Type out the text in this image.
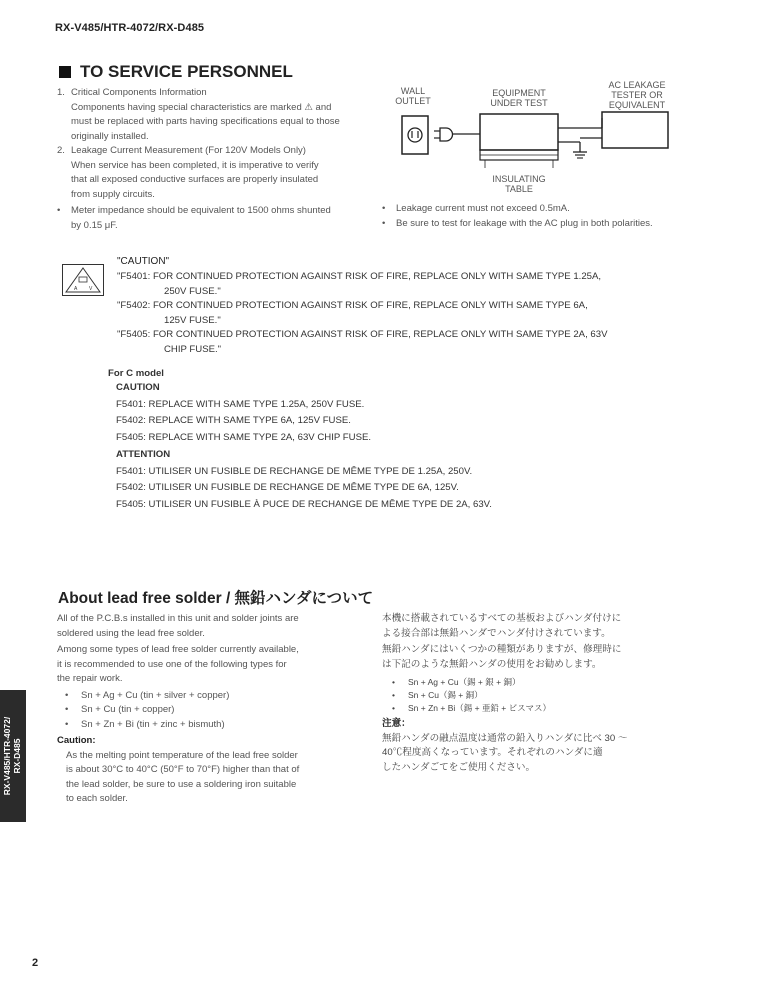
RX-V485/HTR-4072/RX-D485
TO SERVICE PERSONNEL
1. Critical Components Information
Components having special characteristics are marked ⚠ and
must be replaced with parts having specifications equal to those
originally installed.
2. Leakage Current Measurement (For 120V Models Only)
When service has been completed, it is imperative to verify
that all exposed conductive surfaces are properly insulated
from supply circuits.
• Meter impedance should be equivalent to 1500 ohms shunted
by 0.15 μF.
WALL
OUTLET
EQUIPMENT
UNDER TEST
AC LEAKAGE
TESTER OR
EQUIVALENT
INSULATING
TABLE
• Leakage current must not exceed 0.5mA.
• Be sure to test for leakage with the AC plug in both polarities.
A V
"CAUTION"
"F5401: FOR CONTINUED PROTECTION AGAINST RISK OF FIRE, REPLACE ONLY WITH SAME TYPE 1.25A,
250V FUSE."
"F5402: FOR CONTINUED PROTECTION AGAINST RISK OF FIRE, REPLACE ONLY WITH SAME TYPE 6A,
125V FUSE."
"F5405: FOR CONTINUED PROTECTION AGAINST RISK OF FIRE, REPLACE ONLY WITH SAME TYPE 2A, 63V
CHIP FUSE."
For C model
CAUTION
F5401: REPLACE WITH SAME TYPE 1.25A, 250V FUSE.
F5402: REPLACE WITH SAME TYPE 6A, 125V FUSE.
F5405: REPLACE WITH SAME TYPE 2A, 63V CHIP FUSE.
ATTENTION
F5401: UTILISER UN FUSIBLE DE RECHANGE DE MÊME TYPE DE 1.25A, 250V.
F5402: UTILISER UN FUSIBLE DE RECHANGE DE MÊME TYPE DE 6A, 125V.
F5405: UTILISER UN FUSIBLE À PUCE DE RECHANGE DE MÊME TYPE DE 2A, 63V.
About lead free solder / 無鉛ハンダについて
All of the P.C.B.s installed in this unit and solder joints are
soldered using the lead free solder.
Among some types of lead free solder currently available,
it is recommended to use one of the following types for
the repair work.
• Sn + Ag + Cu (tin + silver + copper)
• Sn + Cu (tin + copper)
• Sn + Zn + Bi (tin + zinc + bismuth)
Caution:
As the melting point temperature of the lead free solder
is about 30°C to 40°C (50°F to 70°F) higher than that of
the lead solder, be sure to use a soldering iron suitable
to each solder.
本機に搭載されているすべての基板およびハンダ付けに
よる接合部は無鉛ハンダでハンダ付けされています。
無鉛ハンダにはいくつかの種類がありますが、修理時に
は下記のような無鉛ハンダの使用をお勧めします。
• Sn + Ag + Cu（錫 + 銀 + 銅）
• Sn + Cu（錫 + 銅）
• Sn + Zn + Bi（錫 + 亜鉛 + ビスマス）
注意：
無鉛ハンダの融点温度は通常の鉛入りハンダに比べ 30 〜
40℃程度高くなっています。それぞれのハンダに適
したハンダごてをご使用ください。
RX-V485/HTR-4072/ RX-D485
2
